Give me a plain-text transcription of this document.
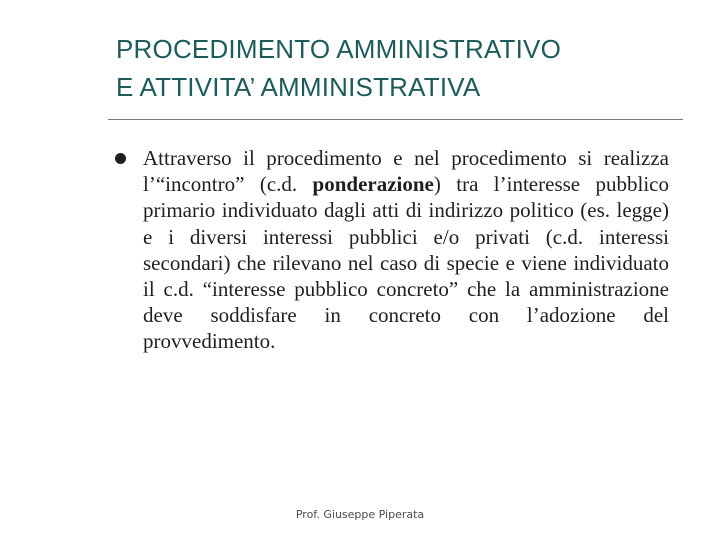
PROCEDIMENTO AMMINISTRATIVO
E ATTIVITA’ AMMINISTRATIVA
Attraverso il procedimento e nel procedimento si realizza l’“incontro” (c.d. ponderazione) tra l’interesse pubblico primario individuato dagli atti di indirizzo politico (es. legge) e i diversi interessi pubblici e/o privati (c.d. interessi secondari) che rilevano nel caso di specie e viene individuato il c.d. “interesse pubblico concreto” che la amministrazione deve soddisfare in concreto con l’adozione del provvedimento.
Prof. Giuseppe Piperata
